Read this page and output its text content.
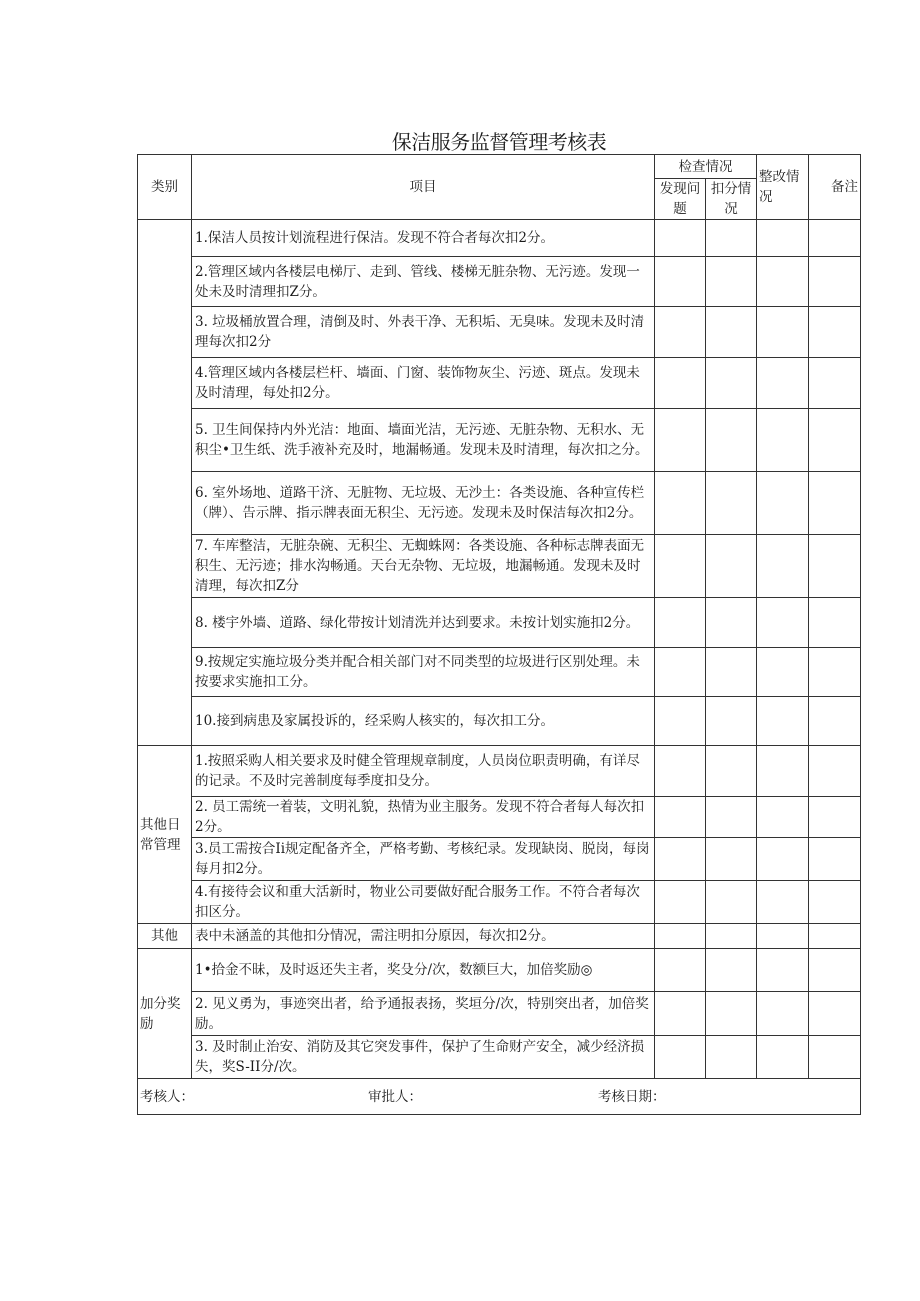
保洁服务监督管理考核表
类别	项目	检查情况		整改情况	备注
		发现问题	扣分情况		
	1.保洁人员按计划流程进行保洁。发现不符合者每次扣2分。				
	2.管理区域内各楼层电梯厅、走到、管线、楼梯无脏杂物、无污迹。发现一处未及时清理扣Z分。				
	3. 垃圾桶放置合理，清倒及时、外表干净、无积垢、无臭味。发现未及时清理每次扣2分				
	4.管理区域内各楼层栏杆、墙面、门窗、装饰物灰尘、污迹、斑点。发现未及时清理，每处扣2分。				
	5. 卫生间保持内外光洁：地面、墙面光洁，无污迹、无脏杂物、无积水、无积尘•卫生纸、洗手液补充及时，地漏畅通。发现未及时清理，每次扣之分。				
	6. 室外场地、道路干济、无脏物、无垃圾、无沙土：各类设施、各种宣传栏（牌）、告示牌、指示牌表面无积尘、无污迹。发现未及时保洁每次扣2分。				
	7. 车库整洁，无脏杂碗、无积尘、无蜘蛛网：各类设施、各种标志牌表面无积生、无污迹；排水沟畅通。天台无杂物、无垃圾，地漏畅通。发现未及时清理，每次扣Z分				
	8. 楼宇外墙、道路、绿化带按计划清洗并达到要求。未按计划实施扣2分。				
	9.按规定实施垃圾分类并配合相关部门对不同类型的垃圾进行区别处理。未按要求实施扣工分。				
	10.接到病患及家属投诉的，经采购人核实的，每次扣工分。				
其他日常管理	1.按照采购人相关要求及时健全管理规章制度，人员岗位职责明确，有详尽的记录。不及时完善制度每季度扣殳分。				
	2. 员工需统一着装，文明礼貌，热情为业主服务。发现不符合者每人每次扣2分。				
	3.员工需按合Ii规定配备齐全，严格考勤、考核纪录。发现缺岗、脱岗，每岗每月扣2分。				
	4.有接待会议和重大活新时，物业公司要做好配合服务工作。不符合者每次扣区分。				
其他	表中未涵盖的其他扣分情况，需注明扣分原因，每次扣2分。				
加分奖励	1•拾金不昧，及时返还失主者，奖殳分/次，数额巨大，加倍奖励◎				
	2. 见义勇为，事迹突出者，给予通报表扬，奖垣分/次，特别突出者，加倍奖励。				
	3. 及时制止治安、消防及其它突发事件，保护了生命财产安全，减少经济损失，奖S-II分/次。				

考核人： 审批人： 考核日期：					
